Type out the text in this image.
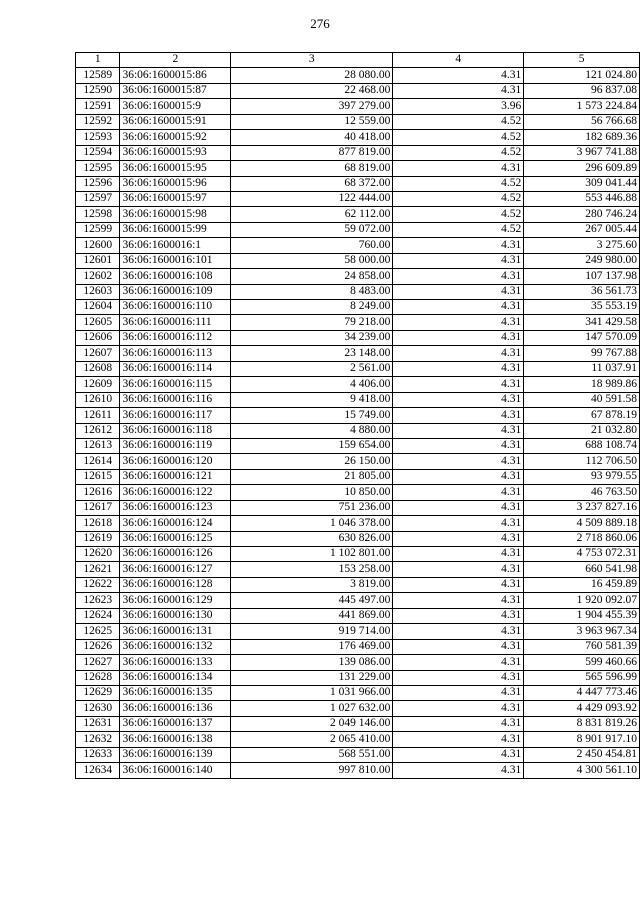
276
1	2	3	4	5
12589	36:06:1600015:86	28 080.00	4.31	121 024.80
12590	36:06:1600015:87	22 468.00	4.31	96 837.08
12591	36:06:1600015:9	397 279.00	3.96	1 573 224.84
12592	36:06:1600015:91	12 559.00	4.52	56 766.68
12593	36:06:1600015:92	40 418.00	4.52	182 689.36
12594	36:06:1600015:93	877 819.00	4.52	3 967 741.88
12595	36:06:1600015:95	68 819.00	4.31	296 609.89
12596	36:06:1600015:96	68 372.00	4.52	309 041.44
12597	36:06:1600015:97	122 444.00	4.52	553 446.88
12598	36:06:1600015:98	62 112.00	4.52	280 746.24
12599	36:06:1600015:99	59 072.00	4.52	267 005.44
12600	36:06:1600016:1	760.00	4.31	3 275.60
12601	36:06:1600016:101	58 000.00	4.31	249 980.00
12602	36:06:1600016:108	24 858.00	4.31	107 137.98
12603	36:06:1600016:109	8 483.00	4.31	36 561.73
12604	36:06:1600016:110	8 249.00	4.31	35 553.19
12605	36:06:1600016:111	79 218.00	4.31	341 429.58
12606	36:06:1600016:112	34 239.00	4.31	147 570.09
12607	36:06:1600016:113	23 148.00	4.31	99 767.88
12608	36:06:1600016:114	2 561.00	4.31	11 037.91
12609	36:06:1600016:115	4 406.00	4.31	18 989.86
12610	36:06:1600016:116	9 418.00	4.31	40 591.58
12611	36:06:1600016:117	15 749.00	4.31	67 878.19
12612	36:06:1600016:118	4 880.00	4.31	21 032.80
12613	36:06:1600016:119	159 654.00	4.31	688 108.74
12614	36:06:1600016:120	26 150.00	4.31	112 706.50
12615	36:06:1600016:121	21 805.00	4.31	93 979.55
12616	36:06:1600016:122	10 850.00	4.31	46 763.50
12617	36:06:1600016:123	751 236.00	4.31	3 237 827.16
12618	36:06:1600016:124	1 046 378.00	4.31	4 509 889.18
12619	36:06:1600016:125	630 826.00	4.31	2 718 860.06
12620	36:06:1600016:126	1 102 801.00	4.31	4 753 072.31
12621	36:06:1600016:127	153 258.00	4.31	660 541.98
12622	36:06:1600016:128	3 819.00	4.31	16 459.89
12623	36:06:1600016:129	445 497.00	4.31	1 920 092.07
12624	36:06:1600016:130	441 869.00	4.31	1 904 455.39
12625	36:06:1600016:131	919 714.00	4.31	3 963 967.34
12626	36:06:1600016:132	176 469.00	4.31	760 581.39
12627	36:06:1600016:133	139 086.00	4.31	599 460.66
12628	36:06:1600016:134	131 229.00	4.31	565 596.99
12629	36:06:1600016:135	1 031 966.00	4.31	4 447 773.46
12630	36:06:1600016:136	1 027 632.00	4.31	4 429 093.92
12631	36:06:1600016:137	2 049 146.00	4.31	8 831 819.26
12632	36:06:1600016:138	2 065 410.00	4.31	8 901 917.10
12633	36:06:1600016:139	568 551.00	4.31	2 450 454.81
12634	36:06:1600016:140	997 810.00	4.31	4 300 561.10
